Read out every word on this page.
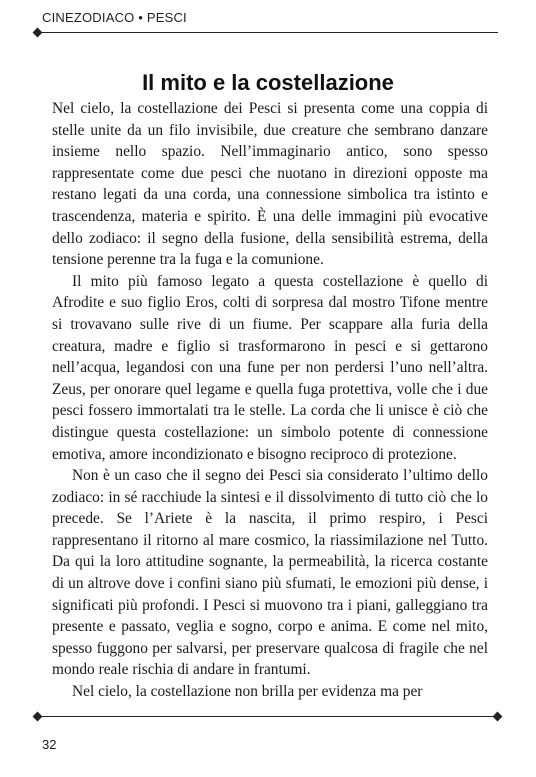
CINEZODIACO • PESCI
Il mito e la costellazione

Nel cielo, la costellazione dei Pesci si presenta come una coppia di stelle unite da un filo invisibile, due creature che sembrano danzare insieme nello spazio. Nell’immaginario antico, sono spesso rappresentate come due pesci che nuotano in direzioni opposte ma restano legati da una corda, una connessione simbolica tra istinto e trascendenza, materia e spirito. È una delle immagini più evocative dello zodiaco: il segno della fusione, della sensibilità estrema, della tensione perenne tra la fuga e la comunione.

Il mito più famoso legato a questa costellazione è quello di Afrodite e suo figlio Eros, colti di sorpresa dal mostro Tifone mentre si trovavano sulle rive di un fiume. Per scappare alla furia della creatura, madre e figlio si trasformarono in pesci e si gettarono nell’acqua, legandosi con una fune per non perdersi l’uno nell’altra. Zeus, per onorare quel legame e quella fuga protettiva, volle che i due pesci fossero immortalati tra le stelle. La corda che li unisce è ciò che distingue questa costellazione: un simbolo potente di connessione emotiva, amore incondizionato e bisogno reciproco di protezione.

Non è un caso che il segno dei Pesci sia considerato l’ultimo dello zodiaco: in sé racchiude la sintesi e il dissolvimento di tutto ciò che lo precede. Se l’Ariete è la nascita, il primo respiro, i Pesci rappresentano il ritorno al mare cosmico, la riassimilazione nel Tutto. Da qui la loro attitudine sognante, la permeabilità, la ricerca costante di un altrove dove i confini siano più sfumati, le emozioni più dense, i significati più profondi. I Pesci si muovono tra i piani, galleggiano tra presente e passato, veglia e sogno, corpo e anima. E come nel mito, spesso fuggono per salvarsi, per preservare qualcosa di fragile che nel mondo reale rischia di andare in frantumi.

Nel cielo, la costellazione non brilla per evidenza ma per

32
